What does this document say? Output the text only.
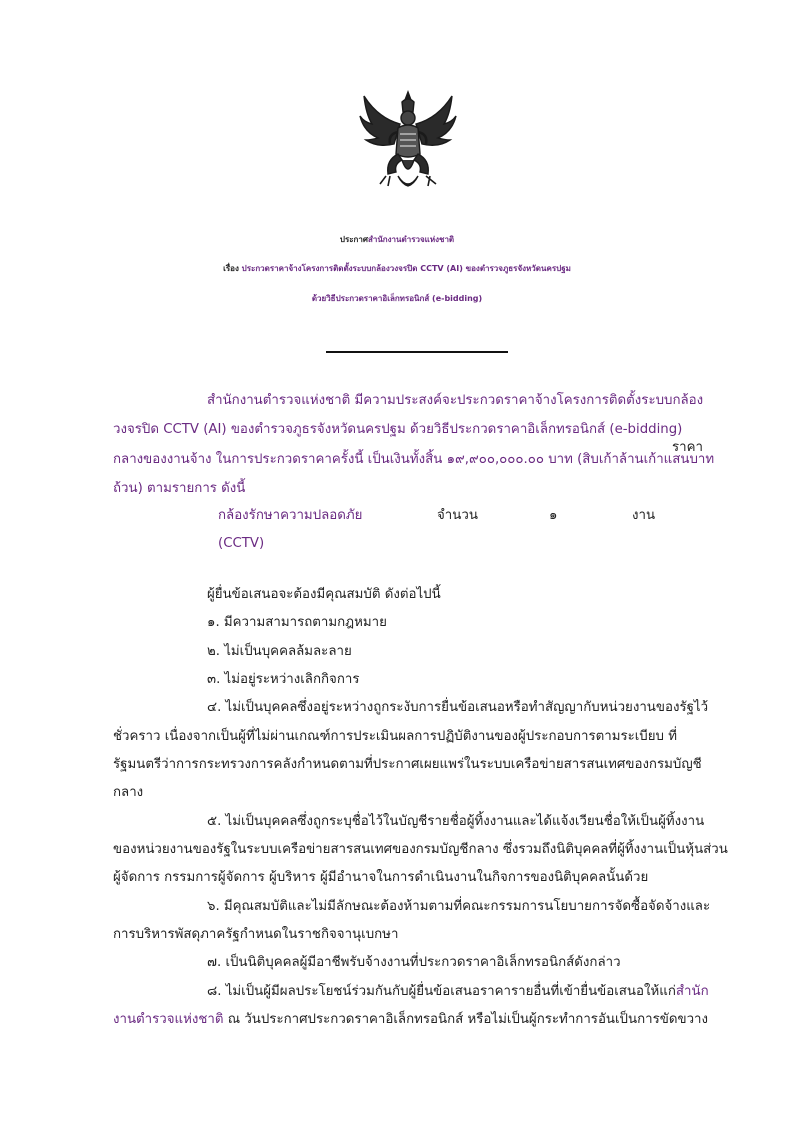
ประกาศสำนักงานตำรวจแห่งชาติ
เรื่อง ประกวดราคาจ้างโครงการติดตั้งระบบกล้องวงจรปิด CCTV (AI) ของตำรวจภูธรจังหวัดนครปฐม
ด้วยวิธีประกวดราคาอิเล็กทรอนิกส์ (e-bidding)
สำนักงานตำรวจแห่งชาติ มีความประสงค์จะประกวดราคาจ้างโครงการติดตั้งระบบกล้อง
วงจรปิด CCTV (AI) ของตำรวจภูธรจังหวัดนครปฐม ด้วยวิธีประกวดราคาอิเล็กทรอนิกส์ (e-bidding)
ราคา
กลางของงานจ้าง ในการประกวดราคาครั้งนี้ เป็นเงินทั้งสิ้น ๑๙,๙๐๐,๐๐๐.๐๐ บาท (สิบเก้าล้านเก้าแสนบาท
ถ้วน) ตามรายการ ดังนี้
กล้องรักษาความปลอดภัย	จำนวน	๑	งาน
(CCTV)
ผู้ยื่นข้อเสนอจะต้องมีคุณสมบัติ ดังต่อไปนี้
๑. มีความสามารถตามกฎหมาย
๒. ไม่เป็นบุคคลล้มละลาย
๓. ไม่อยู่ระหว่างเลิกกิจการ
๔. ไม่เป็นบุคคลซึ่งอยู่ระหว่างถูกระงับการยื่นข้อเสนอหรือทำสัญญากับหน่วยงานของรัฐไว้
ชั่วคราว เนื่องจากเป็นผู้ที่ไม่ผ่านเกณฑ์การประเมินผลการปฏิบัติงานของผู้ประกอบการตามระเบียบ ที่
รัฐมนตรีว่าการกระทรวงการคลังกำหนดตามที่ประกาศเผยแพร่ในระบบเครือข่ายสารสนเทศของกรมบัญชี
กลาง
๕. ไม่เป็นบุคคลซึ่งถูกระบุชื่อไว้ในบัญชีรายชื่อผู้ทิ้งงานและได้แจ้งเวียนชื่อให้เป็นผู้ทิ้งงาน
ของหน่วยงานของรัฐในระบบเครือข่ายสารสนเทศของกรมบัญชีกลาง ซึ่งรวมถึงนิติบุคคลที่ผู้ทิ้งงานเป็นหุ้นส่วน
ผู้จัดการ กรรมการผู้จัดการ ผู้บริหาร ผู้มีอำนาจในการดำเนินงานในกิจการของนิติบุคคลนั้นด้วย
๖. มีคุณสมบัติและไม่มีลักษณะต้องห้ามตามที่คณะกรรมการนโยบายการจัดซื้อจัดจ้างและ
การบริหารพัสดุภาครัฐกำหนดในราชกิจจานุเบกษา
๗. เป็นนิติบุคคลผู้มีอาชีพรับจ้างงานที่ประกวดราคาอิเล็กทรอนิกส์ดังกล่าว
๘. ไม่เป็นผู้มีผลประโยชน์ร่วมกันกับผู้ยื่นข้อเสนอราคารายอื่นที่เข้ายื่นข้อเสนอให้แก่สำนัก
งานตำรวจแห่งชาติ ณ วันประกาศประกวดราคาอิเล็กทรอนิกส์ หรือไม่เป็นผู้กระทำการอันเป็นการขัดขวาง
